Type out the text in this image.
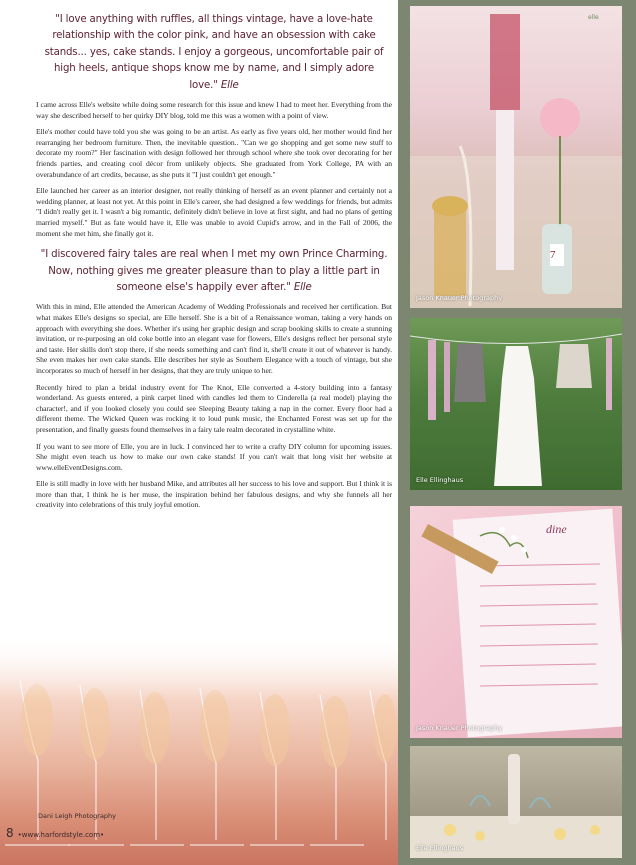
"I love anything with ruffles, all things vintage, have a love-hate relationship with the color pink, and have an obsession with cake stands... yes, cake stands. I enjoy a gorgeous, uncomfortable pair of high heels, antique shops know me by name, and I simply adore love." Elle

I came across Elle's website while doing some research for this issue and knew I had to meet her. Everything from the way she described herself to her quirky DIY blog, told me this was a women with a point of view.

Elle's mother could have told you she was going to be an artist. As early as five years old, her mother would find her rearranging her bedroom furniture. Then, the inevitable question.. "Can we go shopping and get some new stuff to decorate my room?" Her fascination with design followed her through school where she took over decorating for her friends parties, and creating cool décor from unlikely objects. She graduated from York College, PA with an overabundance of art credits, because, as she puts it "I just couldn't get enough."

Elle launched her career as an interior designer, not really thinking of herself as an event planner and certainly not a wedding planner, at least not yet. At this point in Elle's career, she had designed a few weddings for friends, but admits "I didn't really get it. I wasn't a big romantic, definitely didn't believe in love at first sight, and had no plans of getting married myself." But as fate would have it, Elle was unable to avoid Cupid's arrow, and in the Fall of 2006, the moment she met him, she finally got it.

"I discovered fairy tales are real when I met my own Prince Charming. Now, nothing gives me greater pleasure than to play a little part in someone else's happily ever after." Elle

With this in mind, Elle attended the American Academy of Wedding Professionals and received her certification. But what makes Elle's designs so special, are Elle herself. She is a bit of a Renaissance woman, taking a very hands on approach with everything she does. Whether it's using her graphic design and scrap booking skills to create a stunning invitation, or re-purposing an old coke bottle into an elegant vase for flowers, Elle's designs reflect her personal style and taste. Her skills don't stop there, if she needs something and can't find it, she'll create it out of whatever is handy. She even makes her own cake stands. Elle describes her style as Southern Elegance with a touch of vintage, but she incorporates so much of herself in her designs, that they are truly unique to her.

Recently hired to plan a bridal industry event for The Knot, Elle converted a 4-story building into a fantasy wonderland. As guests entered, a pink carpet lined with candles led them to Cinderella (a real model) playing the character!, and if you looked closely you could see Sleeping Beauty taking a nap in the corner. Every floor had a different theme. The Wicked Queen was rocking it to loud punk music, the Enchanted Forest was set up for the presentation, and finally guests found themselves in a fairy tale realm decorated in crystalline white.

If you want to see more of Elle, you are in luck. I convinced her to write a crafty DIY column for upcoming issues. She might even teach us how to make our own cake stands! If you can't wait that long visit her website at www.elleEventDesigns.com.

Elle is still madly in love with her husband Mike, and attributes all her success to his love and support. But I think it is more than that, I think he is her muse, the inspiration behind her fabulous designs, and why she funnels all her creativity into celebrations of this truly joyful emotion.

Dani Leigh Photography
8 •www.harfordstyle.com•
7
elle
Jason Knauer Photography
Elle Ellinghaus
dine
Jason Knauer Photography
Elle Ellinghaus
